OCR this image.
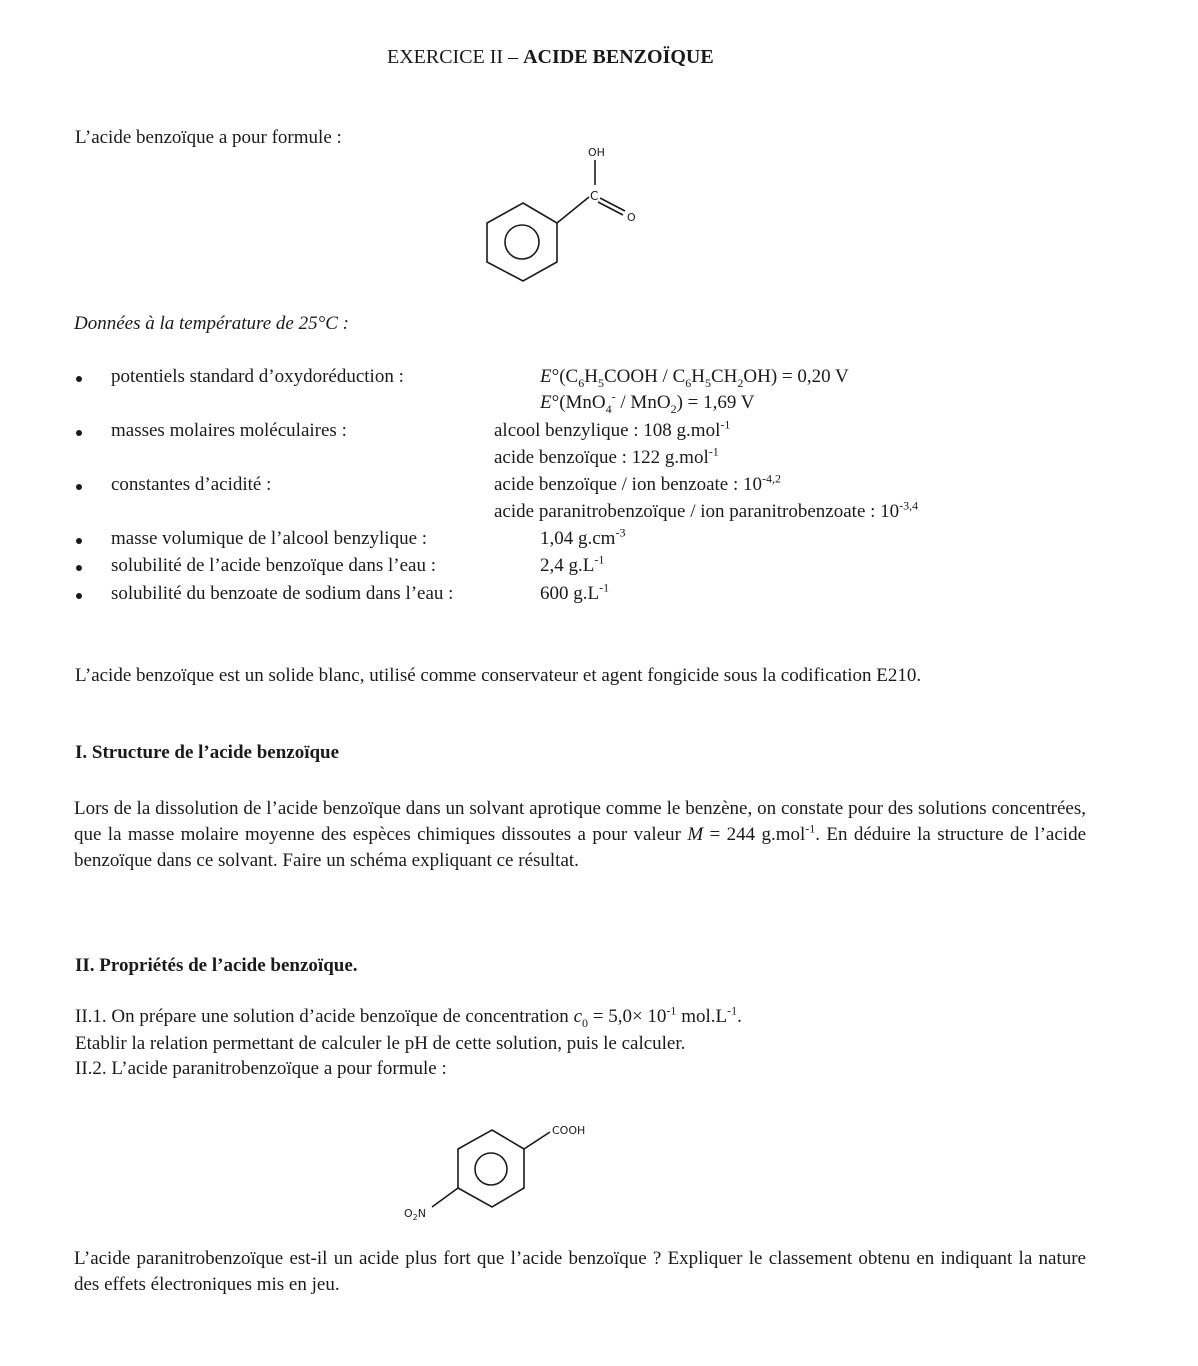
EXERCICE II – ACIDE BENZOÏQUE
L’acide benzoïque a pour formule :
OH
C
O
Données à la température de 25°C :
potentiels standard d’oxydoréduction :	$E^\circ(C_6H_5COOH / C_6H_5CH_2OH) = 0,20$ V
E°(MnO$_4$- / MnO$_2$) = 1,69 V
masses molaires moléculaires :	alcool benzylique : 108 g.mol$^{-1}$
acide benzoïque : 122 g.mol$^{-1}$
constantes d’acidité :	acide benzoïque / ion benzoate : $10^{-4,2}$
acide paranitrobenzoïque / ion paranitrobenzoate : $10^{-3,4}$
masse volumique de l’alcool benzylique :	1,04 $g.cm^{-3}$
solubilité de l’acide benzoïque dans l’eau :	2,4 $g.L^{-1}$
solubilité du benzoate de sodium dans l’eau :	600 $g.L^{-1}$
L’acide benzoïque est un solide blanc, utilisé comme conservateur et agent fongicide sous la codification E210.
I. Structure de l’acide benzoïque
Lors de la dissolution de l’acide benzoïque dans un solvant aprotique comme le benzène, on constate pour des solutions concentrées, que la masse molaire moyenne des espèces chimiques dissoutes a pour valeur M = 244 g.mol$^{-1}$. En déduire la structure de l’acide benzoïque dans ce solvant. Faire un schéma expliquant ce résultat.
II. Propriétés de l’acide benzoïque.
II.1. On prépare une solution d’acide benzoïque de concentration $c_0 = 5,0\times 10^{-1}$ $mol.L^{-1}$.
Etablir la relation permettant de calculer le pH de cette solution, puis le calculer.
II.2. L’acide paranitrobenzoïque a pour formule :
COOH
$O_2N$
L’acide paranitrobenzoïque est-il un acide plus fort que l’acide benzoïque ? Expliquer le classement obtenu en indiquant la nature des effets électroniques mis en jeu.
